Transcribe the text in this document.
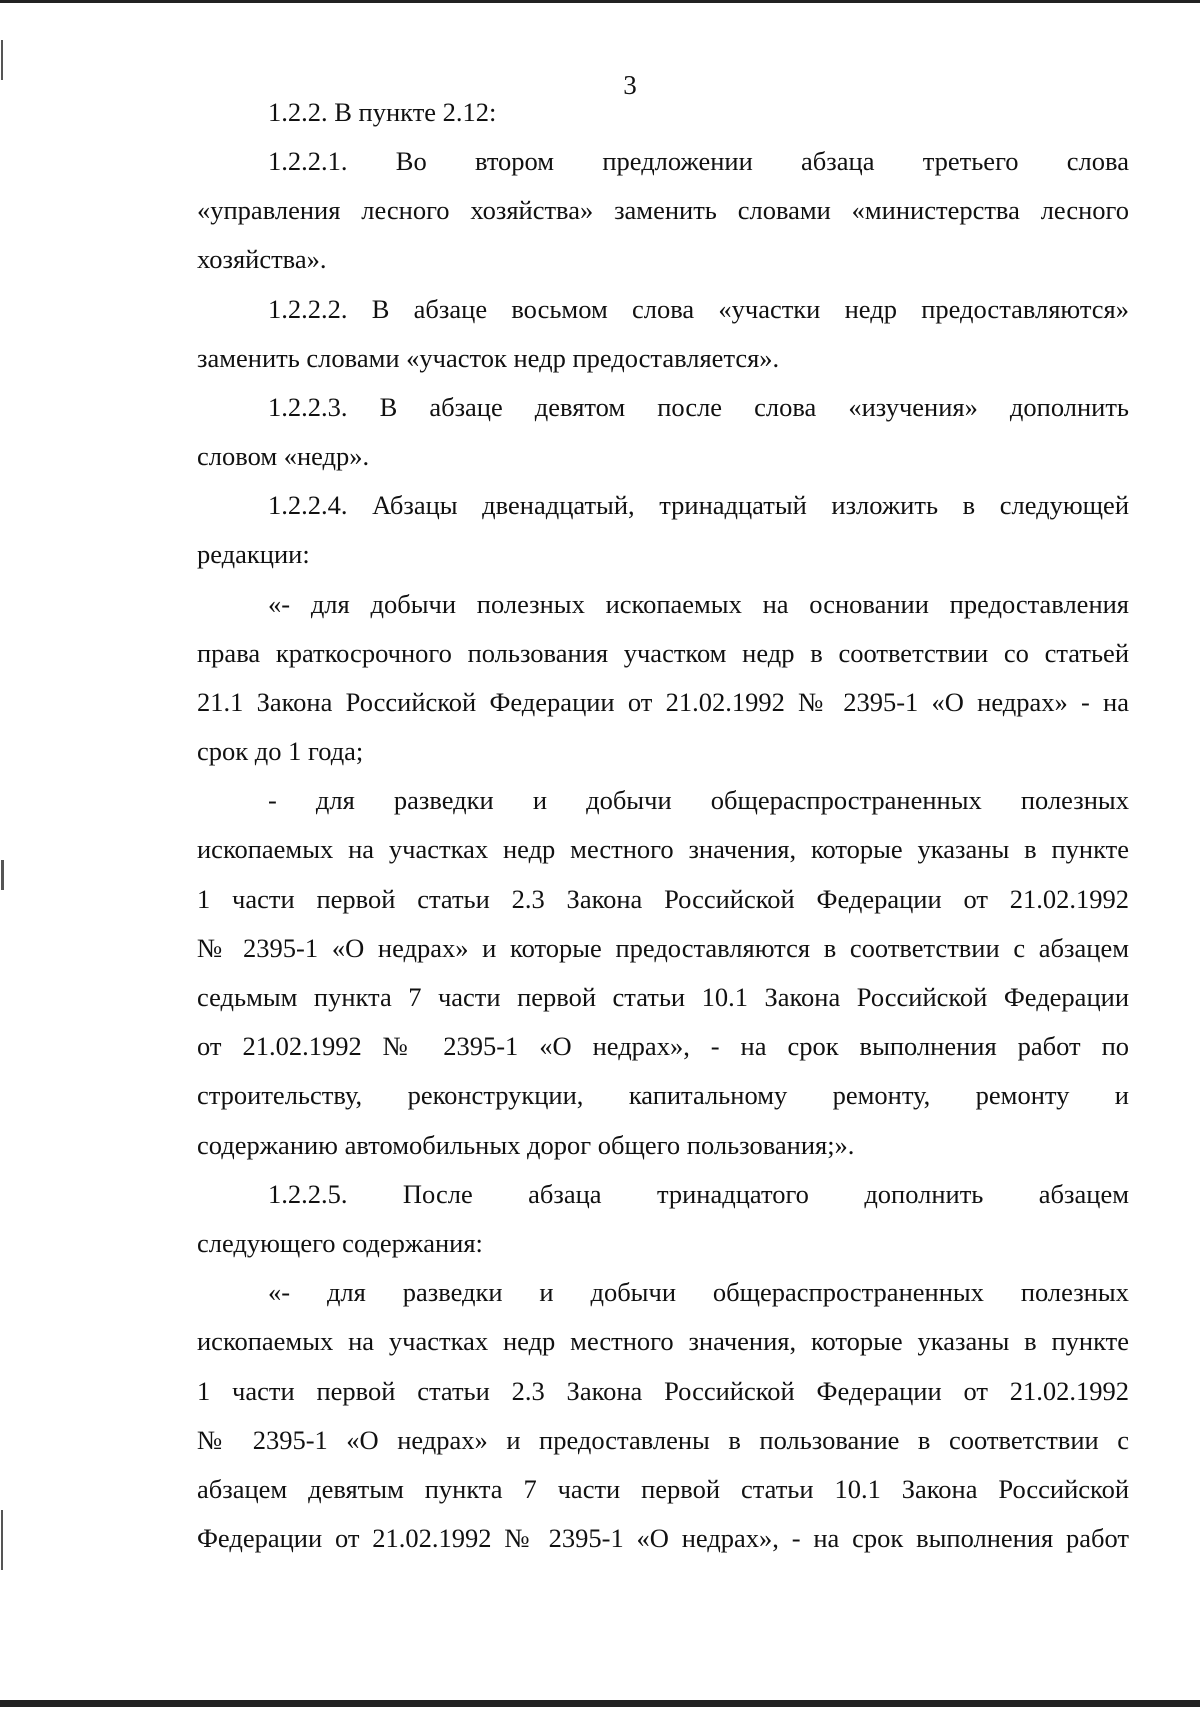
3
1.2.2. В пункте 2.12:
1.2.2.1. Во втором предложении абзаца третьего слова
«управления лесного хозяйства» заменить словами «министерства лесного
хозяйства».
1.2.2.2. В абзаце восьмом слова «участки недр предоставляются»
заменить словами «участок недр предоставляется».
1.2.2.3. В абзаце девятом после слова «изучения» дополнить
словом «недр».
1.2.2.4. Абзацы двенадцатый, тринадцатый изложить в следующей
редакции:
«- для добычи полезных ископаемых на основании предоставления
права краткосрочного пользования участком недр в соответствии со статьей
21.1 Закона Российской Федерации от 21.02.1992 № 2395-1 «О недрах» - на
срок до 1 года;
- для разведки и добычи общераспространенных полезных
ископаемых на участках недр местного значения, которые указаны в пункте
1 части первой статьи 2.3 Закона Российской Федерации от 21.02.1992
№ 2395-1 «О недрах» и которые предоставляются в соответствии с абзацем
седьмым пункта 7 части первой статьи 10.1 Закона Российской Федерации
от 21.02.1992 № 2395-1 «О недрах», - на срок выполнения работ по
строительству, реконструкции, капитальному ремонту, ремонту и
содержанию автомобильных дорог общего пользования;».
1.2.2.5. После абзаца тринадцатого дополнить абзацем
следующего содержания:
«- для разведки и добычи общераспространенных полезных
ископаемых на участках недр местного значения, которые указаны в пункте
1 части первой статьи 2.3 Закона Российской Федерации от 21.02.1992
№ 2395-1 «О недрах» и предоставлены в пользование в соответствии с
абзацем девятым пункта 7 части первой статьи 10.1 Закона Российской
Федерации от 21.02.1992 № 2395-1 «О недрах», - на срок выполнения работ
